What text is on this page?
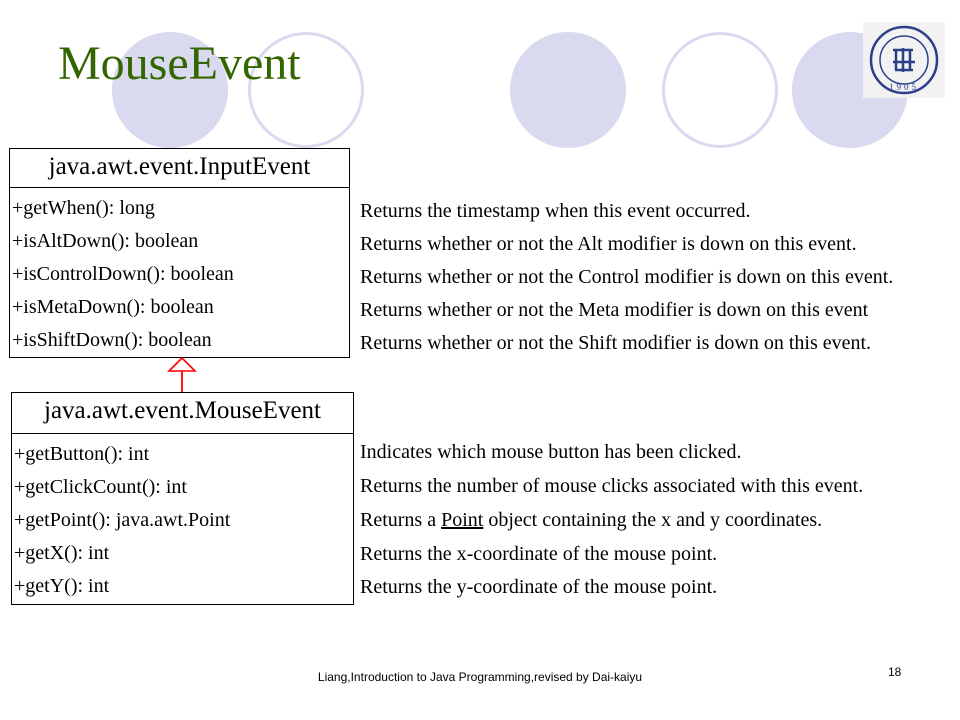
MouseEvent	1905
java.awt.event.InputEvent
+getWhen(): long
+isAltDown(): boolean
+isControlDown(): boolean
+isMetaDown(): boolean
+isShiftDown(): boolean
java.awt.event.MouseEvent
+getButton(): int
+getClickCount(): int
+getPoint(): java.awt.Point
+getX(): int
+getY(): int
Returns the timestamp when this event occurred.
Returns whether or not the Alt modifier is down on this event.
Returns whether or not the Control modifier is down on this event.
Returns whether or not the Meta modifier is down on this event
Returns whether or not the Shift modifier is down on this event.
Indicates which mouse button has been clicked.
Returns the number of mouse clicks associated with this event.
Returns a Point object containing the x and y coordinates.
Returns the x-coordinate of the mouse point.
Returns the y-coordinate of the mouse point.
Liang,Introduction to Java Programming,revised by Dai-kaiyu	18
